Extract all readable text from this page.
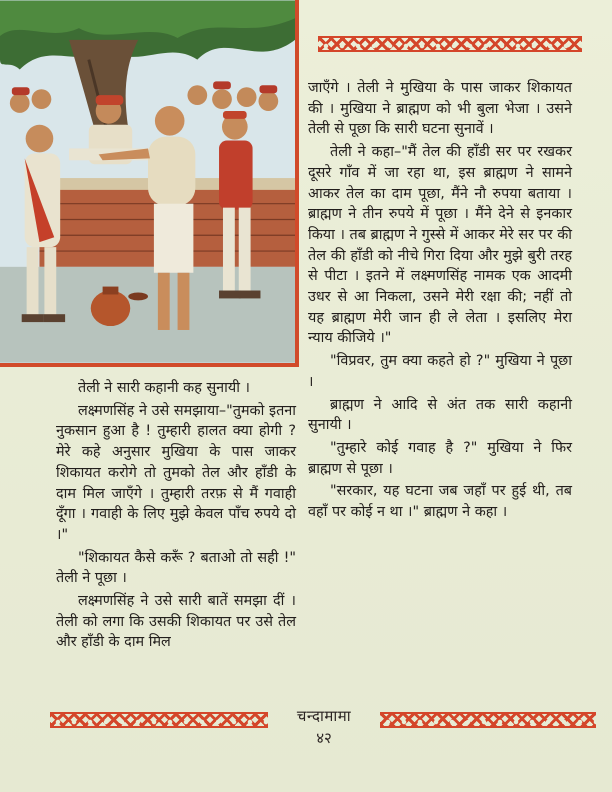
जाएँगे । तेली ने मुखिया के पास जाकर शिकायत की । मुखिया ने ब्राह्मण को भी बुला भेजा । उसने तेली से पूछा कि सारी घटना सुनावें ।

तेली ने कहा–"मैं तेल की हाँडी सर पर रखकर दूसरे गाँव में जा रहा था, इस ब्राह्मण ने सामने आकर तेल का दाम पूछा, मैंने नौ रुपया बताया । ब्राह्मण ने तीन रुपये में पूछा । मैंने देने से इनकार किया । तब ब्राह्मण ने गुस्से में आकर मेरे सर पर की तेल की हाँडी को नीचे गिरा दिया और मुझे बुरी तरह से पीटा । इतने में लक्ष्मणसिंह नामक एक आदमी उधर से आ निकला, उसने मेरी रक्षा की; नहीं तो यह ब्राह्मण मेरी जान ही ले लेता । इसलिए मेरा न्याय कीजिये ।"

"विप्रवर, तुम क्या कहते हो ?" मुखिया ने पूछा ।

ब्राह्मण ने आदि से अंत तक सारी कहानी सुनायी ।

"तुम्हारे कोई गवाह है ?" मुखिया ने फिर ब्राह्मण से पूछा ।

"सरकार, यह घटना जब जहाँ पर हुई थी, तब वहाँ पर कोई न था ।" ब्राह्मण ने कहा ।

तेली ने सारी कहानी कह सुनायी ।

लक्ष्मणसिंह ने उसे समझाया–"तुमको इतना नुकसान हुआ है ! तुम्हारी हालत क्या होगी ? मेरे कहे अनुसार मुखिया के पास जाकर शिकायत करोगे तो तुमको तेल और हाँडी के दाम मिल जाएँगे । तुम्हारी तरफ़ से मैं गवाही दूँगा । गवाही के लिए मुझे केवल पाँच रुपये दो ।"

"शिकायत कैसे करूँ ? बताओ तो सही !" तेली ने पूछा ।

लक्ष्मणसिंह ने उसे सारी बातें समझा दीं । तेली को लगा कि उसकी शिकायत पर उसे तेल और हाँडी के दाम मिल

चन्दामामा
४२
